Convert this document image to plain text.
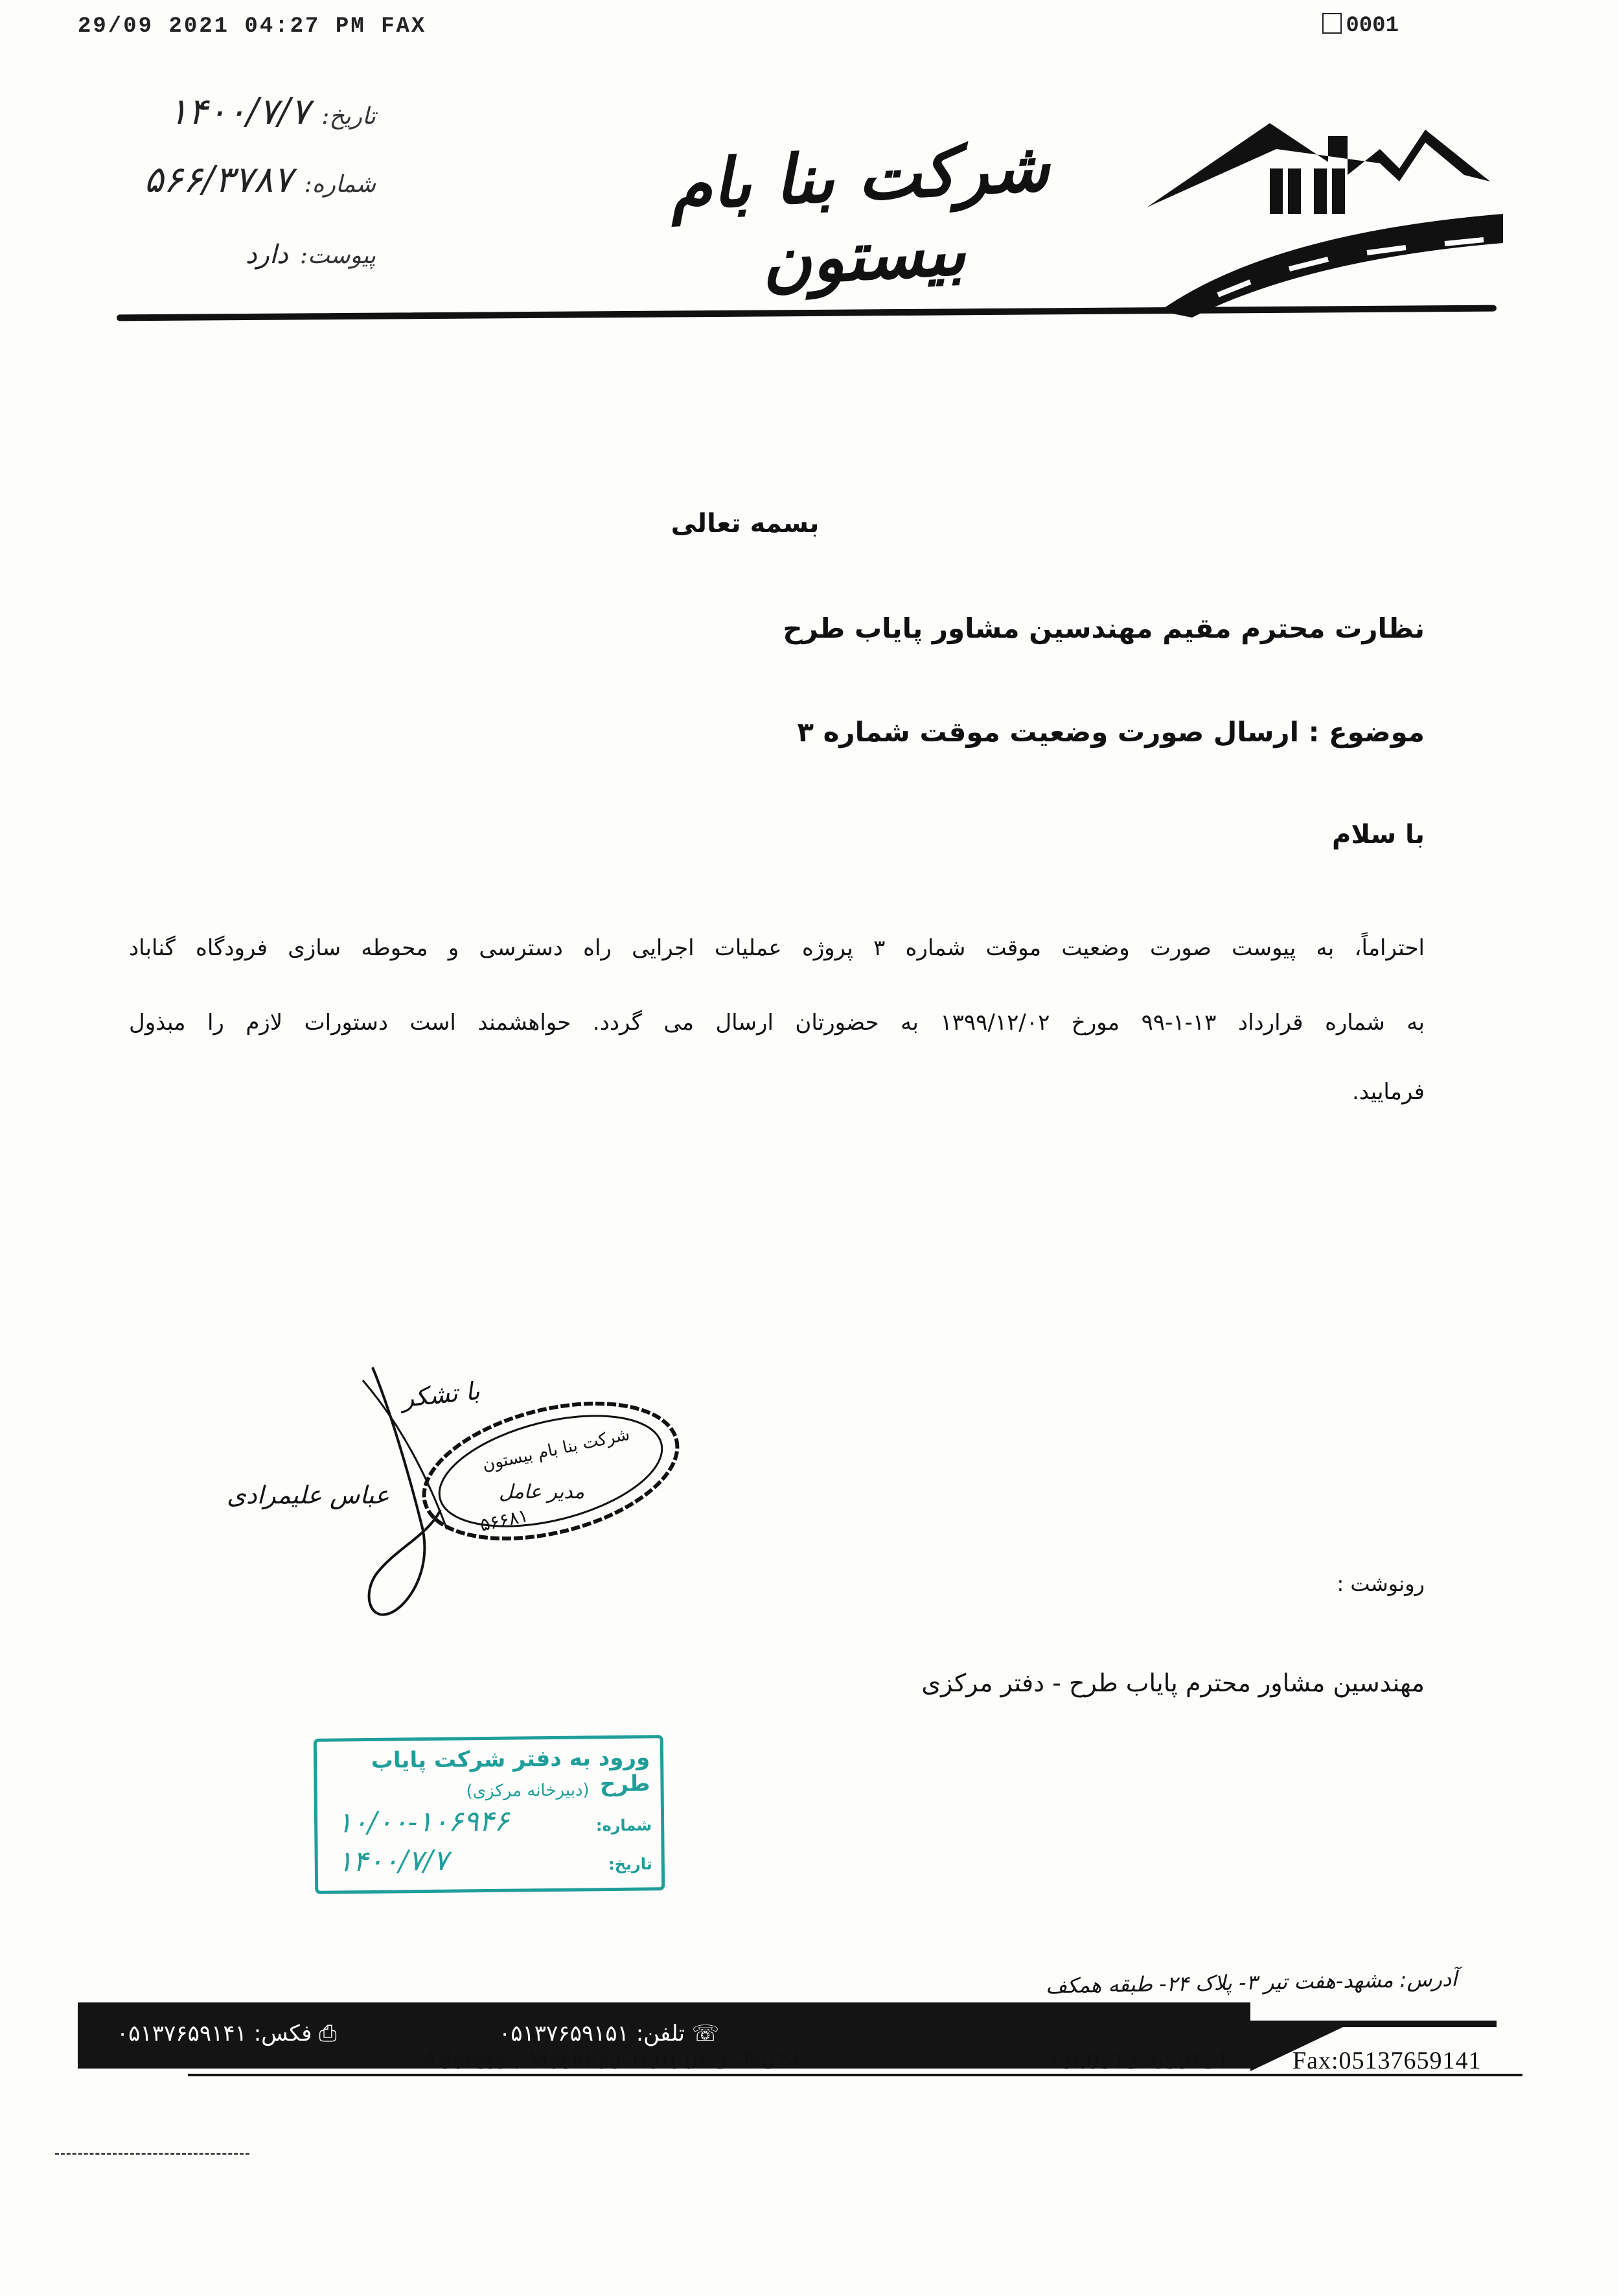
29/09 2021 04:27 PM FAX	0001
تاریخ:۱۴۰۰/۷/۷
شماره:۵۶۶/۳۷۸۷
پیوست:دارد
شرکت بنا بام بیستون
بسمه تعالی
نظارت محترم مقیم مهندسین مشاور پایاب طرح
موضوع : ارسال صورت وضعیت موقت شماره ۳
با سلام
احتراماً، به پیوست صورت وضعیت موقت شماره ۳ پروژه عملیات اجرایی راه دسترسی و محوطه سازی فرودگاه گناباد
به شماره قرارداد ۱۳-۱-۹۹ مورخ ۱۳۹۹/۱۲/۰۲ به حضورتان ارسال می گردد. حواهشمند است دستورات لازم را مبذول
فرمایید.
با تشکر
عباس علیمرادی	مدیر عامل
شرکت بنا بام بیستون
۵۶۶۸۱
رونوشت :
مهندسین مشاور محترم پایاب طرح - دفتر مرکزی
ورود به دفتر شرکت پایاب طرح
(دبیرخانه مرکزی)
شماره:
۱۰/۰۰-۱۰۶۹۴۶
تاریخ:
۱۴۰۰/۷/۷
آدرس: مشهد-هفت تیر ۳- پلاک ۲۴- طبقه همکف
⎙ فکس: ۰۵۱۳۷۶۵۹۱۴۱	☏ تلفن: ۰۵۱۳۷۶۵۹۱۵۱
Address : Mashhad-Haft tir 3 -No24	Tel:05137659151	Fax:05137659141
